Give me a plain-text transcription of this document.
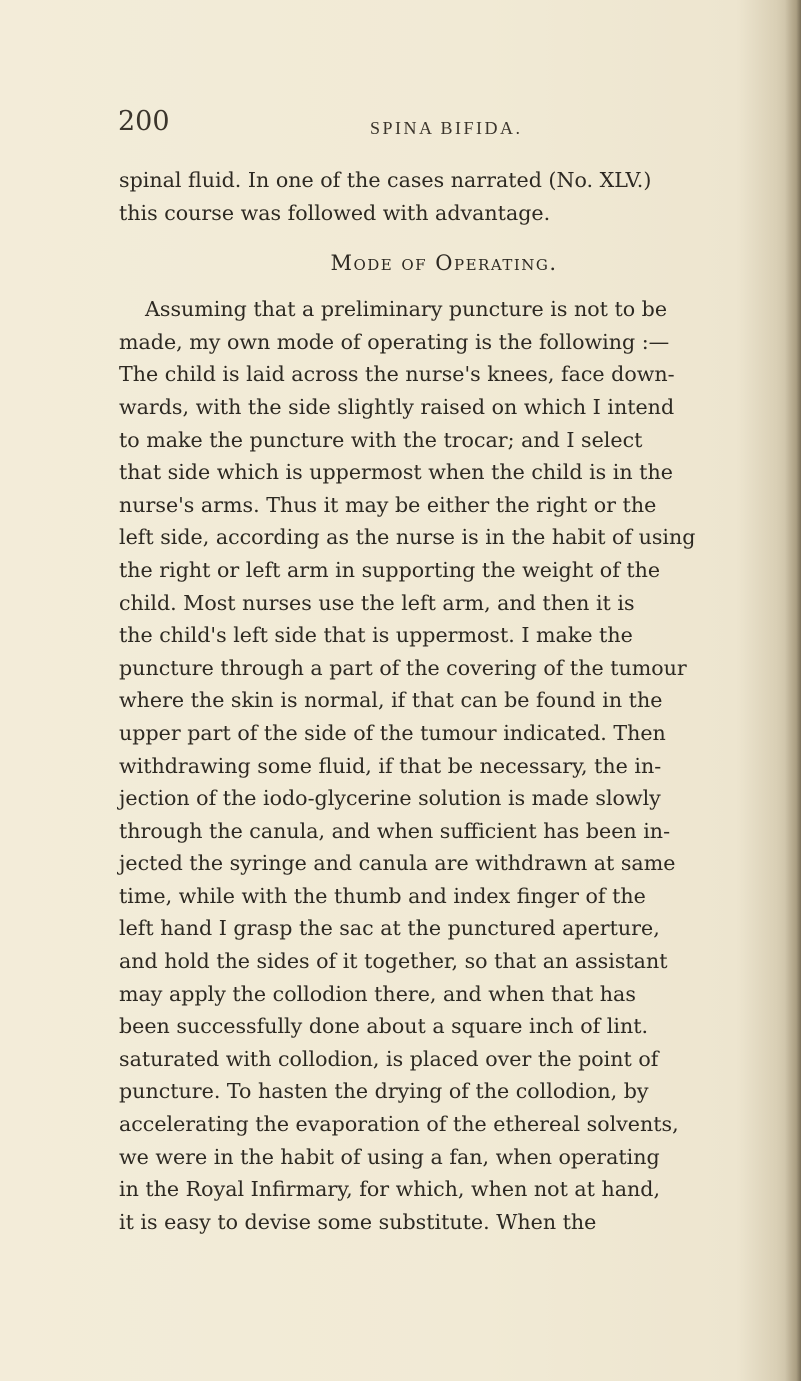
200	SPINA BIFIDA.
spinal fluid. In one of the cases narrated (No. XLV.)
this course was followed with advantage.
Mode of Operating.
Assuming that a preliminary puncture is not to be
made, my own mode of operating is the following :—
The child is laid across the nurse's knees, face down-
wards, with the side slightly raised on which I intend
to make the puncture with the trocar; and I select
that side which is uppermost when the child is in the
nurse's arms. Thus it may be either the right or the
left side, according as the nurse is in the habit of using
the right or left arm in supporting the weight of the
child. Most nurses use the left arm, and then it is
the child's left side that is uppermost. I make the
puncture through a part of the covering of the tumour
where the skin is normal, if that can be found in the
upper part of the side of the tumour indicated. Then
withdrawing some fluid, if that be necessary, the in-
jection of the iodo-glycerine solution is made slowly
through the canula, and when sufficient has been in-
jected the syringe and canula are withdrawn at same
time, while with the thumb and index finger of the
left hand I grasp the sac at the punctured aperture,
and hold the sides of it together, so that an assistant
may apply the collodion there, and when that has
been successfully done about a square inch of lint.
saturated with collodion, is placed over the point of
puncture. To hasten the drying of the collodion, by
accelerating the evaporation of the ethereal solvents,
we were in the habit of using a fan, when operating
in the Royal Infirmary, for which, when not at hand,
it is easy to devise some substitute. When the
